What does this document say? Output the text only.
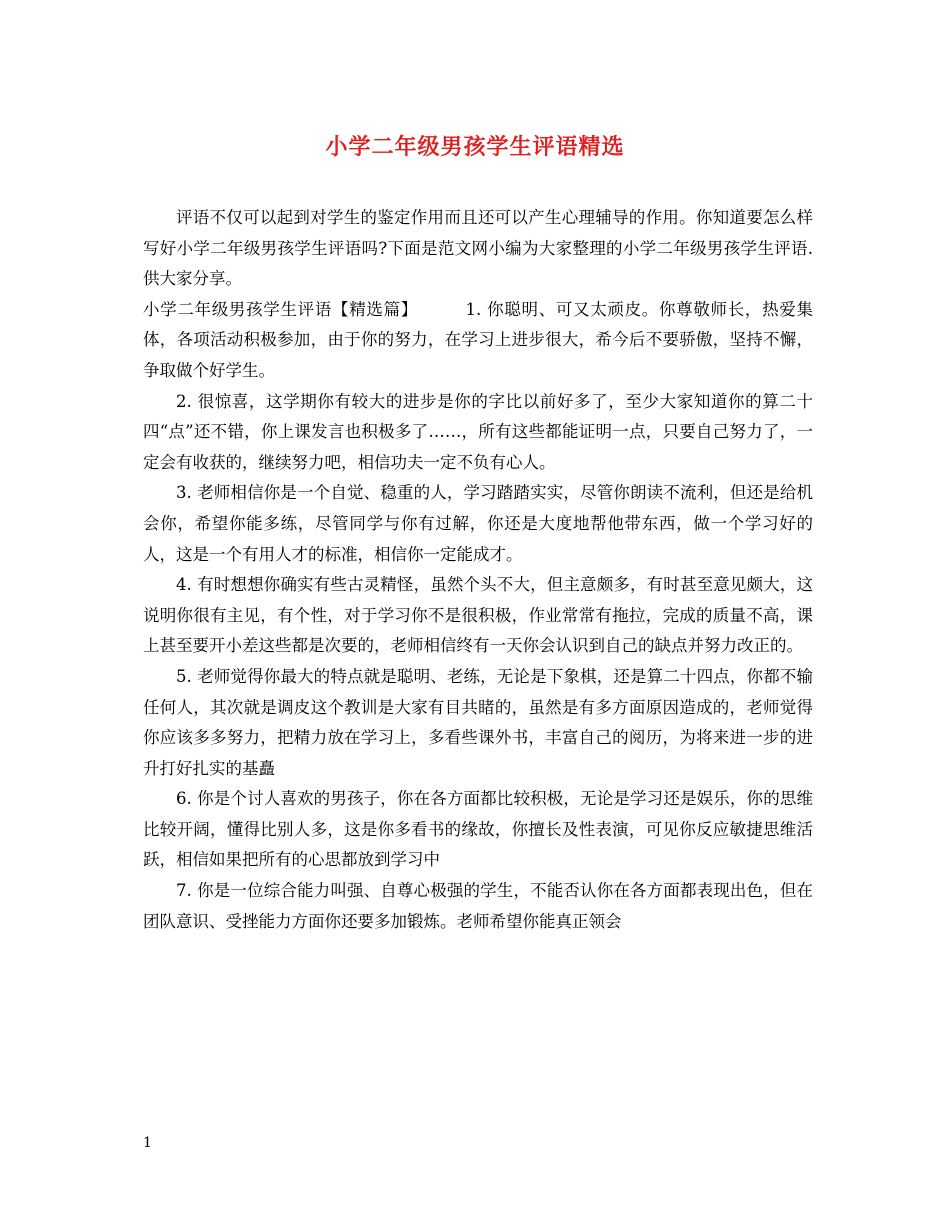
小学二年级男孩学生评语精选

评语不仅可以起到对学生的鉴定作用而且还可以产生心理辅导的作用。你知道要怎么样写好小学二年级男孩学生评语吗?下面是范文网小编为大家整理的小学二年级男孩学生评语.供大家分享。

小学二年级男孩学生评语【精选篇】	1. 你聪明、可又太顽皮。你尊敬师长，热爱集体，各项活动积极参加，由于你的努力，在学习上进步很大，希今后不要骄傲，坚持不懈，争取做个好学生。

2. 很惊喜，这学期你有较大的进步是你的字比以前好多了，至少大家知道你的算二十四“点”还不错，你上课发言也积极多了……，所有这些都能证明一点，只要自己努力了，一定会有收获的，继续努力吧，相信功夫一定不负有心人。

3. 老师相信你是一个自觉、稳重的人，学习踏踏实实，尽管你朗读不流利，但还是给机会你，希望你能多练，尽管同学与你有过解，你还是大度地帮他带东西，做一个学习好的人，这是一个有用人才的标准，相信你一定能成才。

4. 有时想想你确实有些古灵精怪，虽然个头不大，但主意颇多，有时甚至意见颇大，这说明你很有主见，有个性，对于学习你不是很积极，作业常常有拖拉，完成的质量不高，课上甚至要开小差这些都是次要的，老师相信终有一天你会认识到自己的缺点并努力改正的。

5. 老师觉得你最大的特点就是聪明、老练，无论是下象棋，还是算二十四点，你都不输任何人，其次就是调皮这个教训是大家有目共睹的，虽然是有多方面原因造成的，老师觉得你应该多多努力，把精力放在学习上，多看些课外书，丰富自己的阅历，为将来进一步的进升打好扎实的基矗

6. 你是个讨人喜欢的男孩子，你在各方面都比较积极，无论是学习还是娱乐，你的思维比较开阔，懂得比别人多，这是你多看书的缘故，你擅长及性表演，可见你反应敏捷思维活跃，相信如果把所有的心思都放到学习中

7. 你是一位综合能力叫强、自尊心极强的学生，不能否认你在各方面都表现出色，但在团队意识、受挫能力方面你还要多加锻炼。老师希望你能真正领会

1
